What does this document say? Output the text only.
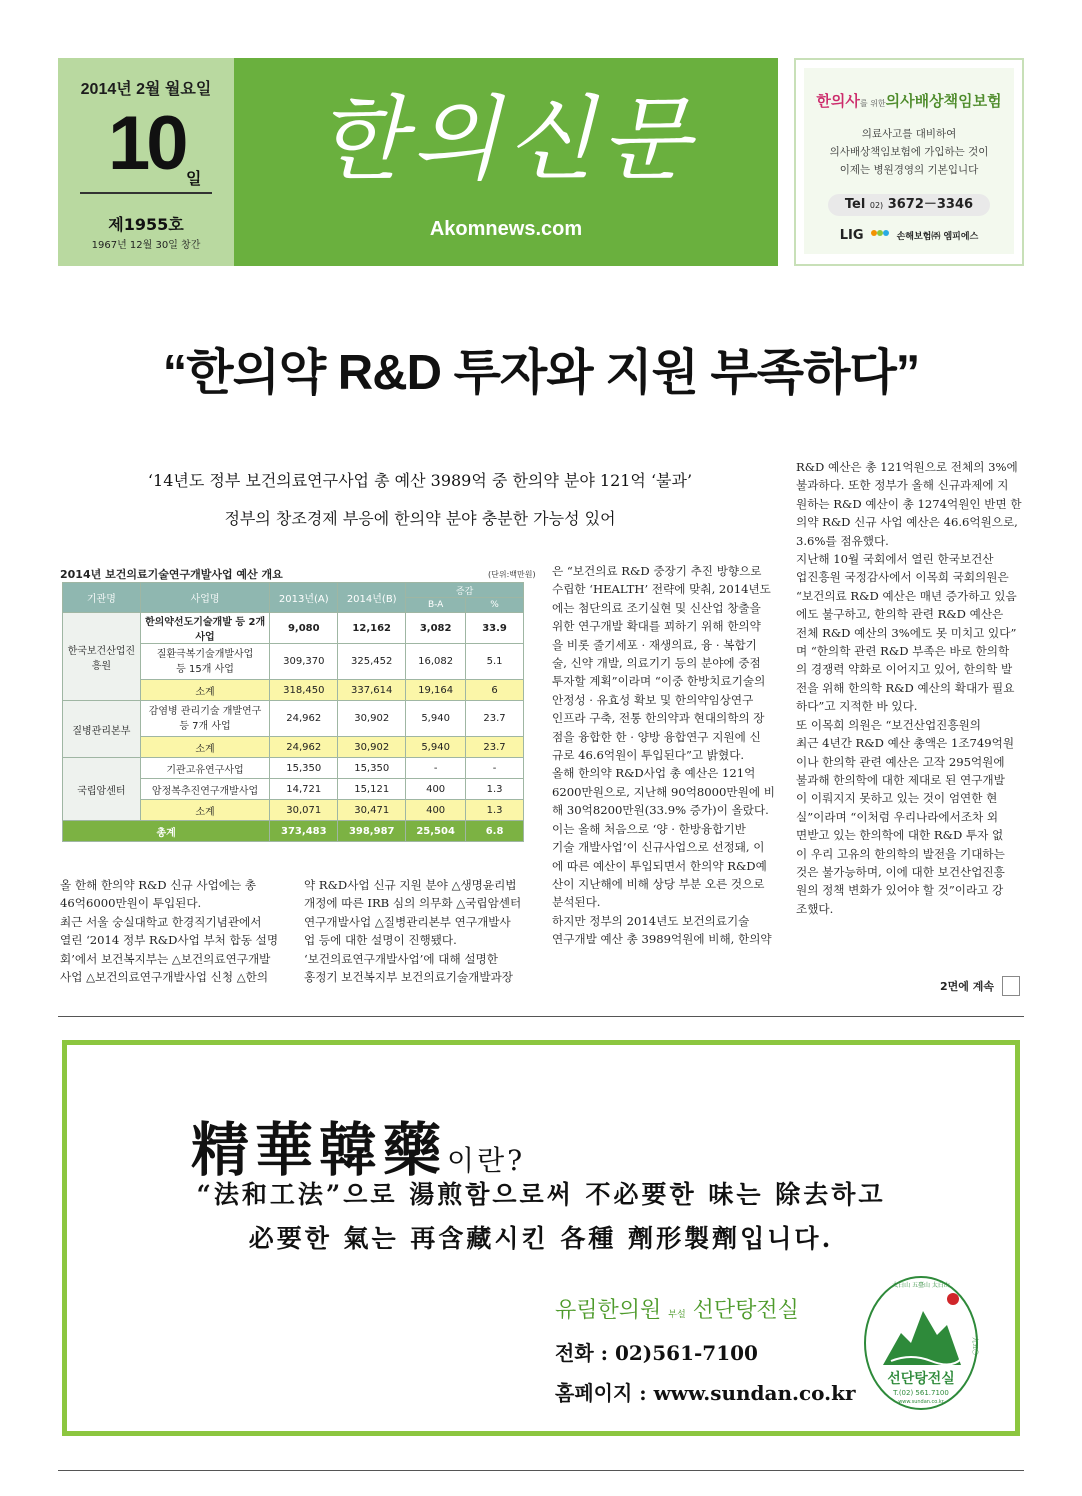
2014년 2월 월요일
10 일
제1955호
1967년 12월 30일 창간
한의신문
Akomnews.com
한의사를 위한의사배상책임보험
의료사고를 대비하여
의사배상책임보험에 가입하는 것이
이제는 병원경영의 기본입니다
Tel 02) 3672－3346
LIG	손해보험㈜ 엠피에스
“한의약 R&D 투자와 지원 부족하다”
‘14년도 정부 보건의료연구사업 총 예산 3989억 중 한의약 분야 121억 ‘불과’
정부의 창조경제 부응에 한의약 분야 충분한 가능성 있어
2014년 보건의료기술연구개발사업 예산 개요	(단위:백만원)
기관명	사업명	2013년(A)	2014년(B)	증감	
				B-A	%
한국보건산업진흥원	한의약선도기술개발 등 2개 사업	9,080	12,162	3,082	33.9

	질환극복기술개발사업
등 15개 사업	309,370	325,452	16,082	5.1
	소계	318,450	337,614	19,164	6
질병관리본부	감염병 관리기술 개발연구
등 7개 사업	24,962	30,902	5,940	23.7
	소계	24,962	30,902	5,940	23.7
국립암센터	기관고유연구사업	15,350	15,350	-	-
	암정복추진연구개발사업	14,721	15,121	400	1.3
	소계	30,071	30,471	400	1.3
총계		373,483	398,987	25,504	6.8
올 한해 한의약 R&D 신규 사업에는 총
46억6000만원이 투입된다.
최근 서울 숭실대학교 한경직기념관에서
열린 ‘2014 정부 R&D사업 부처 합동 설명
회’에서 보건복지부는 △보건의료연구개발
사업 △보건의료연구개발사업 신청 △한의
약 R&D사업 신규 지원 분야 △생명윤리법
개정에 따른 IRB 심의 의무화 △국립암센터
연구개발사업 △질병관리본부 연구개발사
업 등에 대한 설명이 진행됐다.
‘보건의료연구개발사업’에 대해 설명한
홍정기 보건복지부 보건의료기술개발과장
은 “보건의료 R&D 중장기 추진 방향으로
수립한 ‘HEALTH’ 전략에 맞춰, 2014년도
에는 첨단의료 조기실현 및 신산업 창출을
위한 연구개발 확대를 꾀하기 위해 한의약
을 비롯 줄기세포 · 재생의료, 융 · 복합기
술, 신약 개발, 의료기기 등의 분야에 중점
투자할 계획”이라며 “이중 한방치료기술의
안정성 · 유효성 확보 및 한의약임상연구
인프라 구축, 전통 한의약과 현대의학의 장
점을 융합한 한 · 양방 융합연구 지원에 신
규로 46.6억원이 투입된다”고 밝혔다.
올해 한의약 R&D사업 총 예산은 121억
6200만원으로, 지난해 90억8000만원에 비
해 30억8200만원(33.9% 증가)이 올랐다.
이는 올해 처음으로 ‘양 · 한방융합기반
기술 개발사업’이 신규사업으로 선정돼, 이
에 따른 예산이 투입되면서 한의약 R&D예
산이 지난해에 비해 상당 부분 오른 것으로
분석된다.
하지만 정부의 2014년도 보건의료기술
연구개발 예산 총 3989억원에 비해, 한의약
R&D 예산은 총 121억원으로 전체의 3%에
불과하다. 또한 정부가 올해 신규과제에 지
원하는 R&D 예산이 총 1274억원인 반면 한
의약 R&D 신규 사업 예산은 46.6억원으로,
3.6%를 점유했다.
지난해 10월 국회에서 열린 한국보건산
업진흥원 국정감사에서 이목희 국회의원은
“보건의료 R&D 예산은 매년 증가하고 있음
에도 불구하고, 한의학 관련 R&D 예산은
전체 R&D 예산의 3%에도 못 미치고 있다”
며 “한의학 관련 R&D 부족은 바로 한의학
의 경쟁력 약화로 이어지고 있어, 한의학 발
전을 위해 한의학 R&D 예산의 확대가 필요
하다”고 지적한 바 있다.
또 이목희 의원은 “보건산업진흥원의
최근 4년간 R&D 예산 총액은 1조749억원
이나 한의학 관련 예산은 고작 295억원에
불과해 한의학에 대한 제대로 된 연구개발
이 이뤄지지 못하고 있는 것이 엄연한 현
실”이라며 “이처럼 우리나라에서조차 외
면받고 있는 한의학에 대한 R&D 투자 없
이 우리 고유의 한의학의 발전을 기대하는
것은 불가능하며, 이에 대한 보건산업진흥
원의 정책 변화가 있어야 할 것”이라고 강
조했다.
2면에 계속
精華韓藥이란?
“法和工法”으로 湯煎함으로써 不必要한 味는 除去하고
必要한 氣는 再含藏시킨 各種 劑形製劑입니다.
유림한의원 부설 선단탕전실
전화 : 02)561-7100
홈페이지 : www.sundan.co.kr
太白山 五臺山 太白山
一九五〇
선단탕전실
T.(02) 561.7100
www.sundan.co.kr
